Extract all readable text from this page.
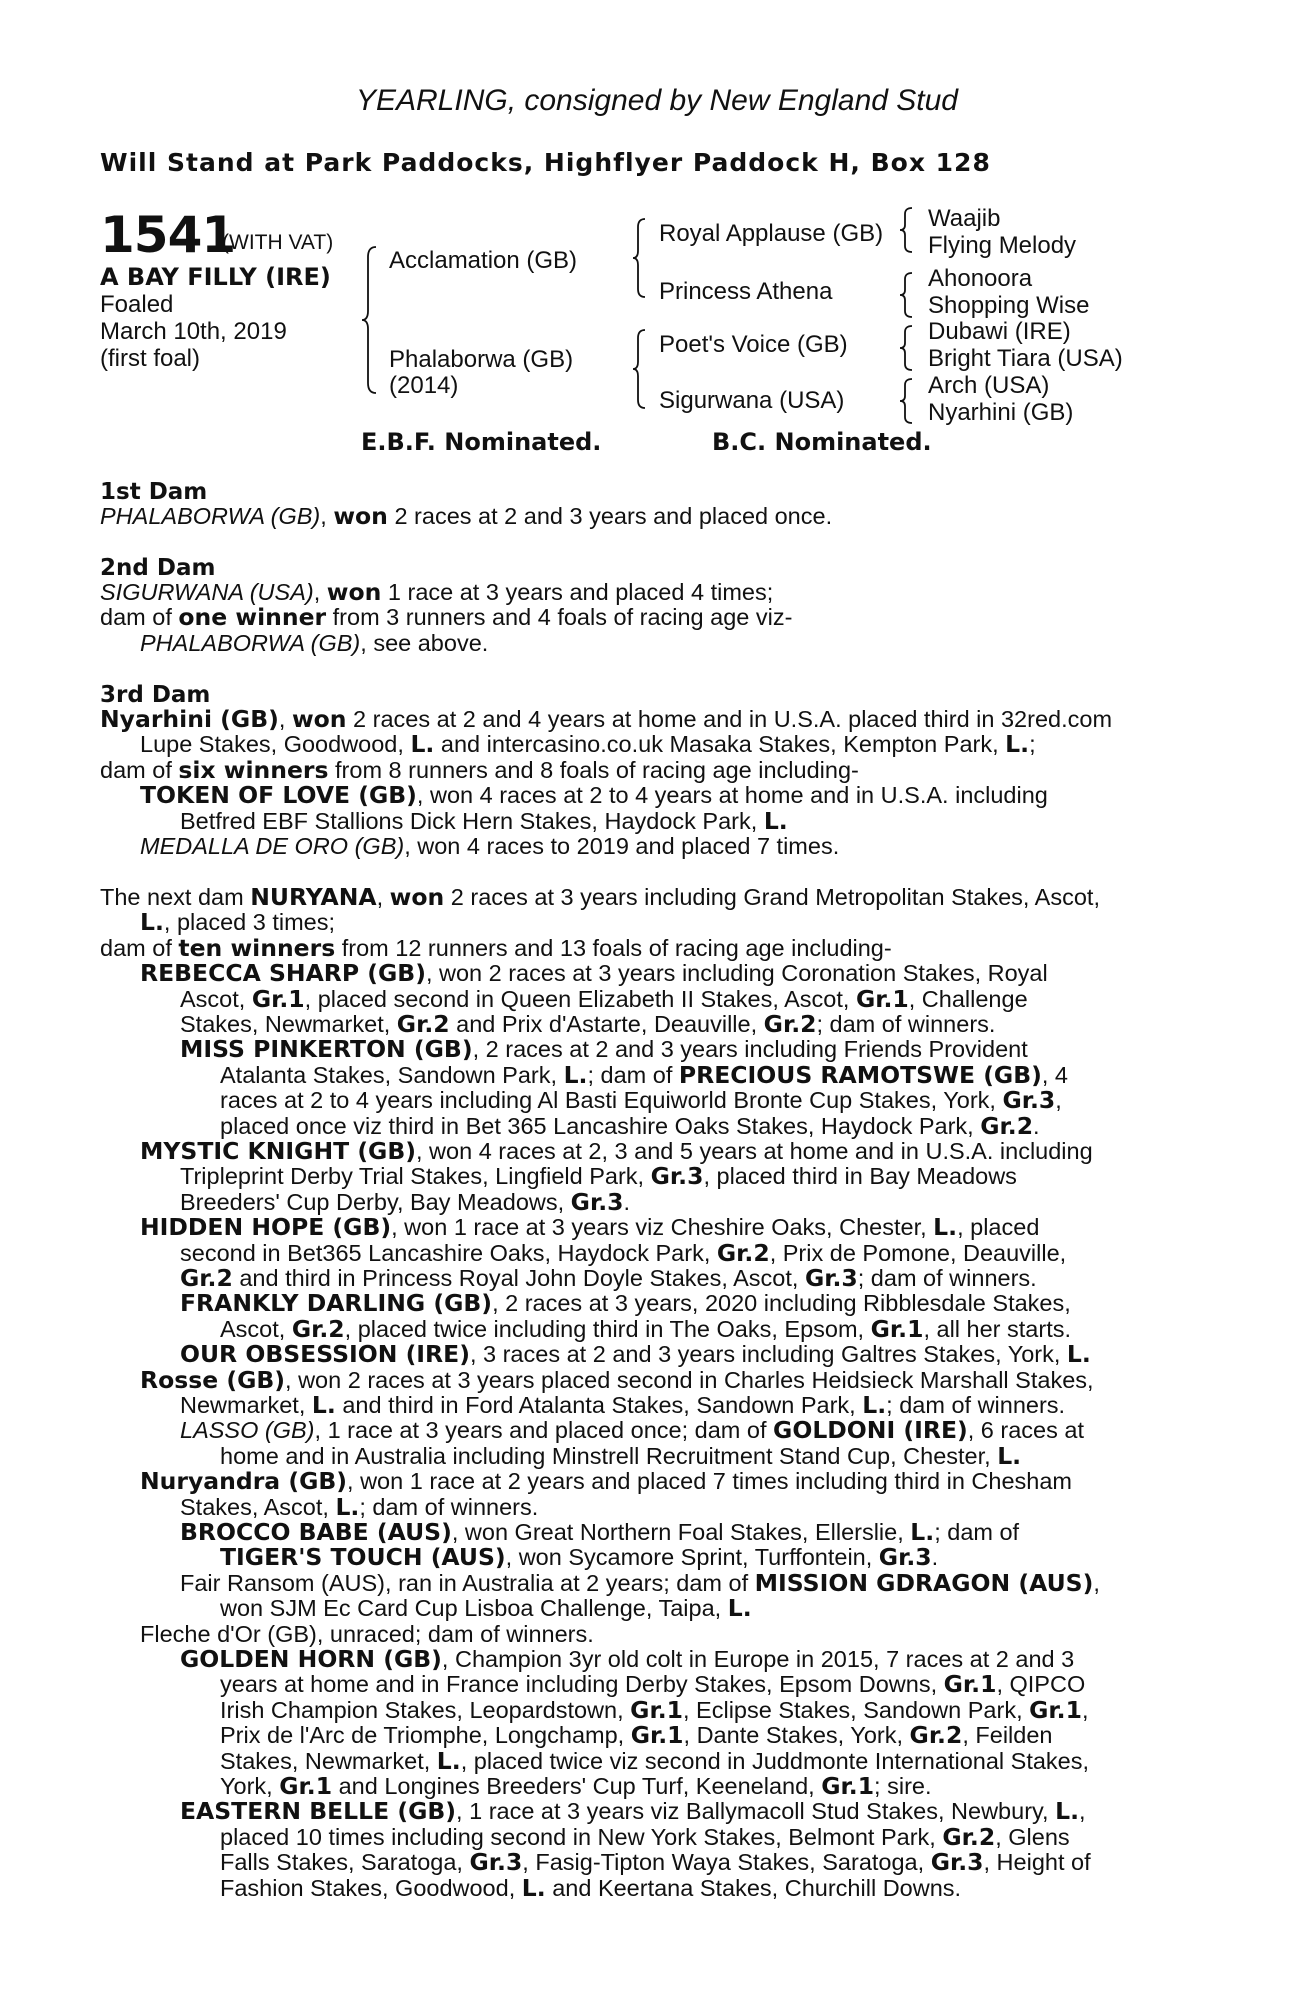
YEARLING, consigned by New England Stud
Will Stand at Park Paddocks, Highflyer Paddock H, Box 128
1541
(WITH VAT)
A BAY FILLY (IRE)
Foaled
March 10th, 2019
(first foal)
Acclamation (GB)
Phalaborwa (GB)
(2014)
Royal Applause (GB)
Princess Athena
Poet's Voice (GB)
Sigurwana (USA)
Waajib
Flying Melody
Ahonoora
Shopping Wise
Dubawi (IRE)
Bright Tiara (USA)
Arch (USA)
Nyarhini (GB)
E.B.F. Nominated.	B.C. Nominated.
1st Dam
PHALABORWA (GB), won 2 races at 2 and 3 years and placed once.
2nd Dam
SIGURWANA (USA), won 1 race at 3 years and placed 4 times;
dam of one winner from 3 runners and 4 foals of racing age viz-
PHALABORWA (GB), see above.
3rd Dam
Nyarhini (GB), won 2 races at 2 and 4 years at home and in U.S.A. placed third in 32red.com
Lupe Stakes, Goodwood, L. and intercasino.co.uk Masaka Stakes, Kempton Park, L.;
dam of six winners from 8 runners and 8 foals of racing age including-
TOKEN OF LOVE (GB), won 4 races at 2 to 4 years at home and in U.S.A. including
Betfred EBF Stallions Dick Hern Stakes, Haydock Park, L.
MEDALLA DE ORO (GB), won 4 races to 2019 and placed 7 times.
The next dam NURYANA, won 2 races at 3 years including Grand Metropolitan Stakes, Ascot,
L., placed 3 times;
dam of ten winners from 12 runners and 13 foals of racing age including-
REBECCA SHARP (GB), won 2 races at 3 years including Coronation Stakes, Royal
Ascot, Gr.1, placed second in Queen Elizabeth II Stakes, Ascot, Gr.1, Challenge
Stakes, Newmarket, Gr.2 and Prix d'Astarte, Deauville, Gr.2; dam of winners.
MISS PINKERTON (GB), 2 races at 2 and 3 years including Friends Provident
Atalanta Stakes, Sandown Park, L.; dam of PRECIOUS RAMOTSWE (GB), 4
races at 2 to 4 years including Al Basti Equiworld Bronte Cup Stakes, York, Gr.3,
placed once viz third in Bet 365 Lancashire Oaks Stakes, Haydock Park, Gr.2.
MYSTIC KNIGHT (GB), won 4 races at 2, 3 and 5 years at home and in U.S.A. including
Tripleprint Derby Trial Stakes, Lingfield Park, Gr.3, placed third in Bay Meadows
Breeders' Cup Derby, Bay Meadows, Gr.3.
HIDDEN HOPE (GB), won 1 race at 3 years viz Cheshire Oaks, Chester, L., placed
second in Bet365 Lancashire Oaks, Haydock Park, Gr.2, Prix de Pomone, Deauville,
Gr.2 and third in Princess Royal John Doyle Stakes, Ascot, Gr.3; dam of winners.
FRANKLY DARLING (GB), 2 races at 3 years, 2020 including Ribblesdale Stakes,
Ascot, Gr.2, placed twice including third in The Oaks, Epsom, Gr.1, all her starts.
OUR OBSESSION (IRE), 3 races at 2 and 3 years including Galtres Stakes, York, L.
Rosse (GB), won 2 races at 3 years placed second in Charles Heidsieck Marshall Stakes,
Newmarket, L. and third in Ford Atalanta Stakes, Sandown Park, L.; dam of winners.
LASSO (GB), 1 race at 3 years and placed once; dam of GOLDONI (IRE), 6 races at
home and in Australia including Minstrell Recruitment Stand Cup, Chester, L.
Nuryandra (GB), won 1 race at 2 years and placed 7 times including third in Chesham
Stakes, Ascot, L.; dam of winners.
BROCCO BABE (AUS), won Great Northern Foal Stakes, Ellerslie, L.; dam of
TIGER'S TOUCH (AUS), won Sycamore Sprint, Turffontein, Gr.3.
Fair Ransom (AUS), ran in Australia at 2 years; dam of MISSION GDRAGON (AUS),
won SJM Ec Card Cup Lisboa Challenge, Taipa, L.
Fleche d'Or (GB), unraced; dam of winners.
GOLDEN HORN (GB), Champion 3yr old colt in Europe in 2015, 7 races at 2 and 3
years at home and in France including Derby Stakes, Epsom Downs, Gr.1, QIPCO
Irish Champion Stakes, Leopardstown, Gr.1, Eclipse Stakes, Sandown Park, Gr.1,
Prix de l'Arc de Triomphe, Longchamp, Gr.1, Dante Stakes, York, Gr.2, Feilden
Stakes, Newmarket, L., placed twice viz second in Juddmonte International Stakes,
York, Gr.1 and Longines Breeders' Cup Turf, Keeneland, Gr.1; sire.
EASTERN BELLE (GB), 1 race at 3 years viz Ballymacoll Stud Stakes, Newbury, L.,
placed 10 times including second in New York Stakes, Belmont Park, Gr.2, Glens
Falls Stakes, Saratoga, Gr.3, Fasig-Tipton Waya Stakes, Saratoga, Gr.3, Height of
Fashion Stakes, Goodwood, L. and Keertana Stakes, Churchill Downs.
